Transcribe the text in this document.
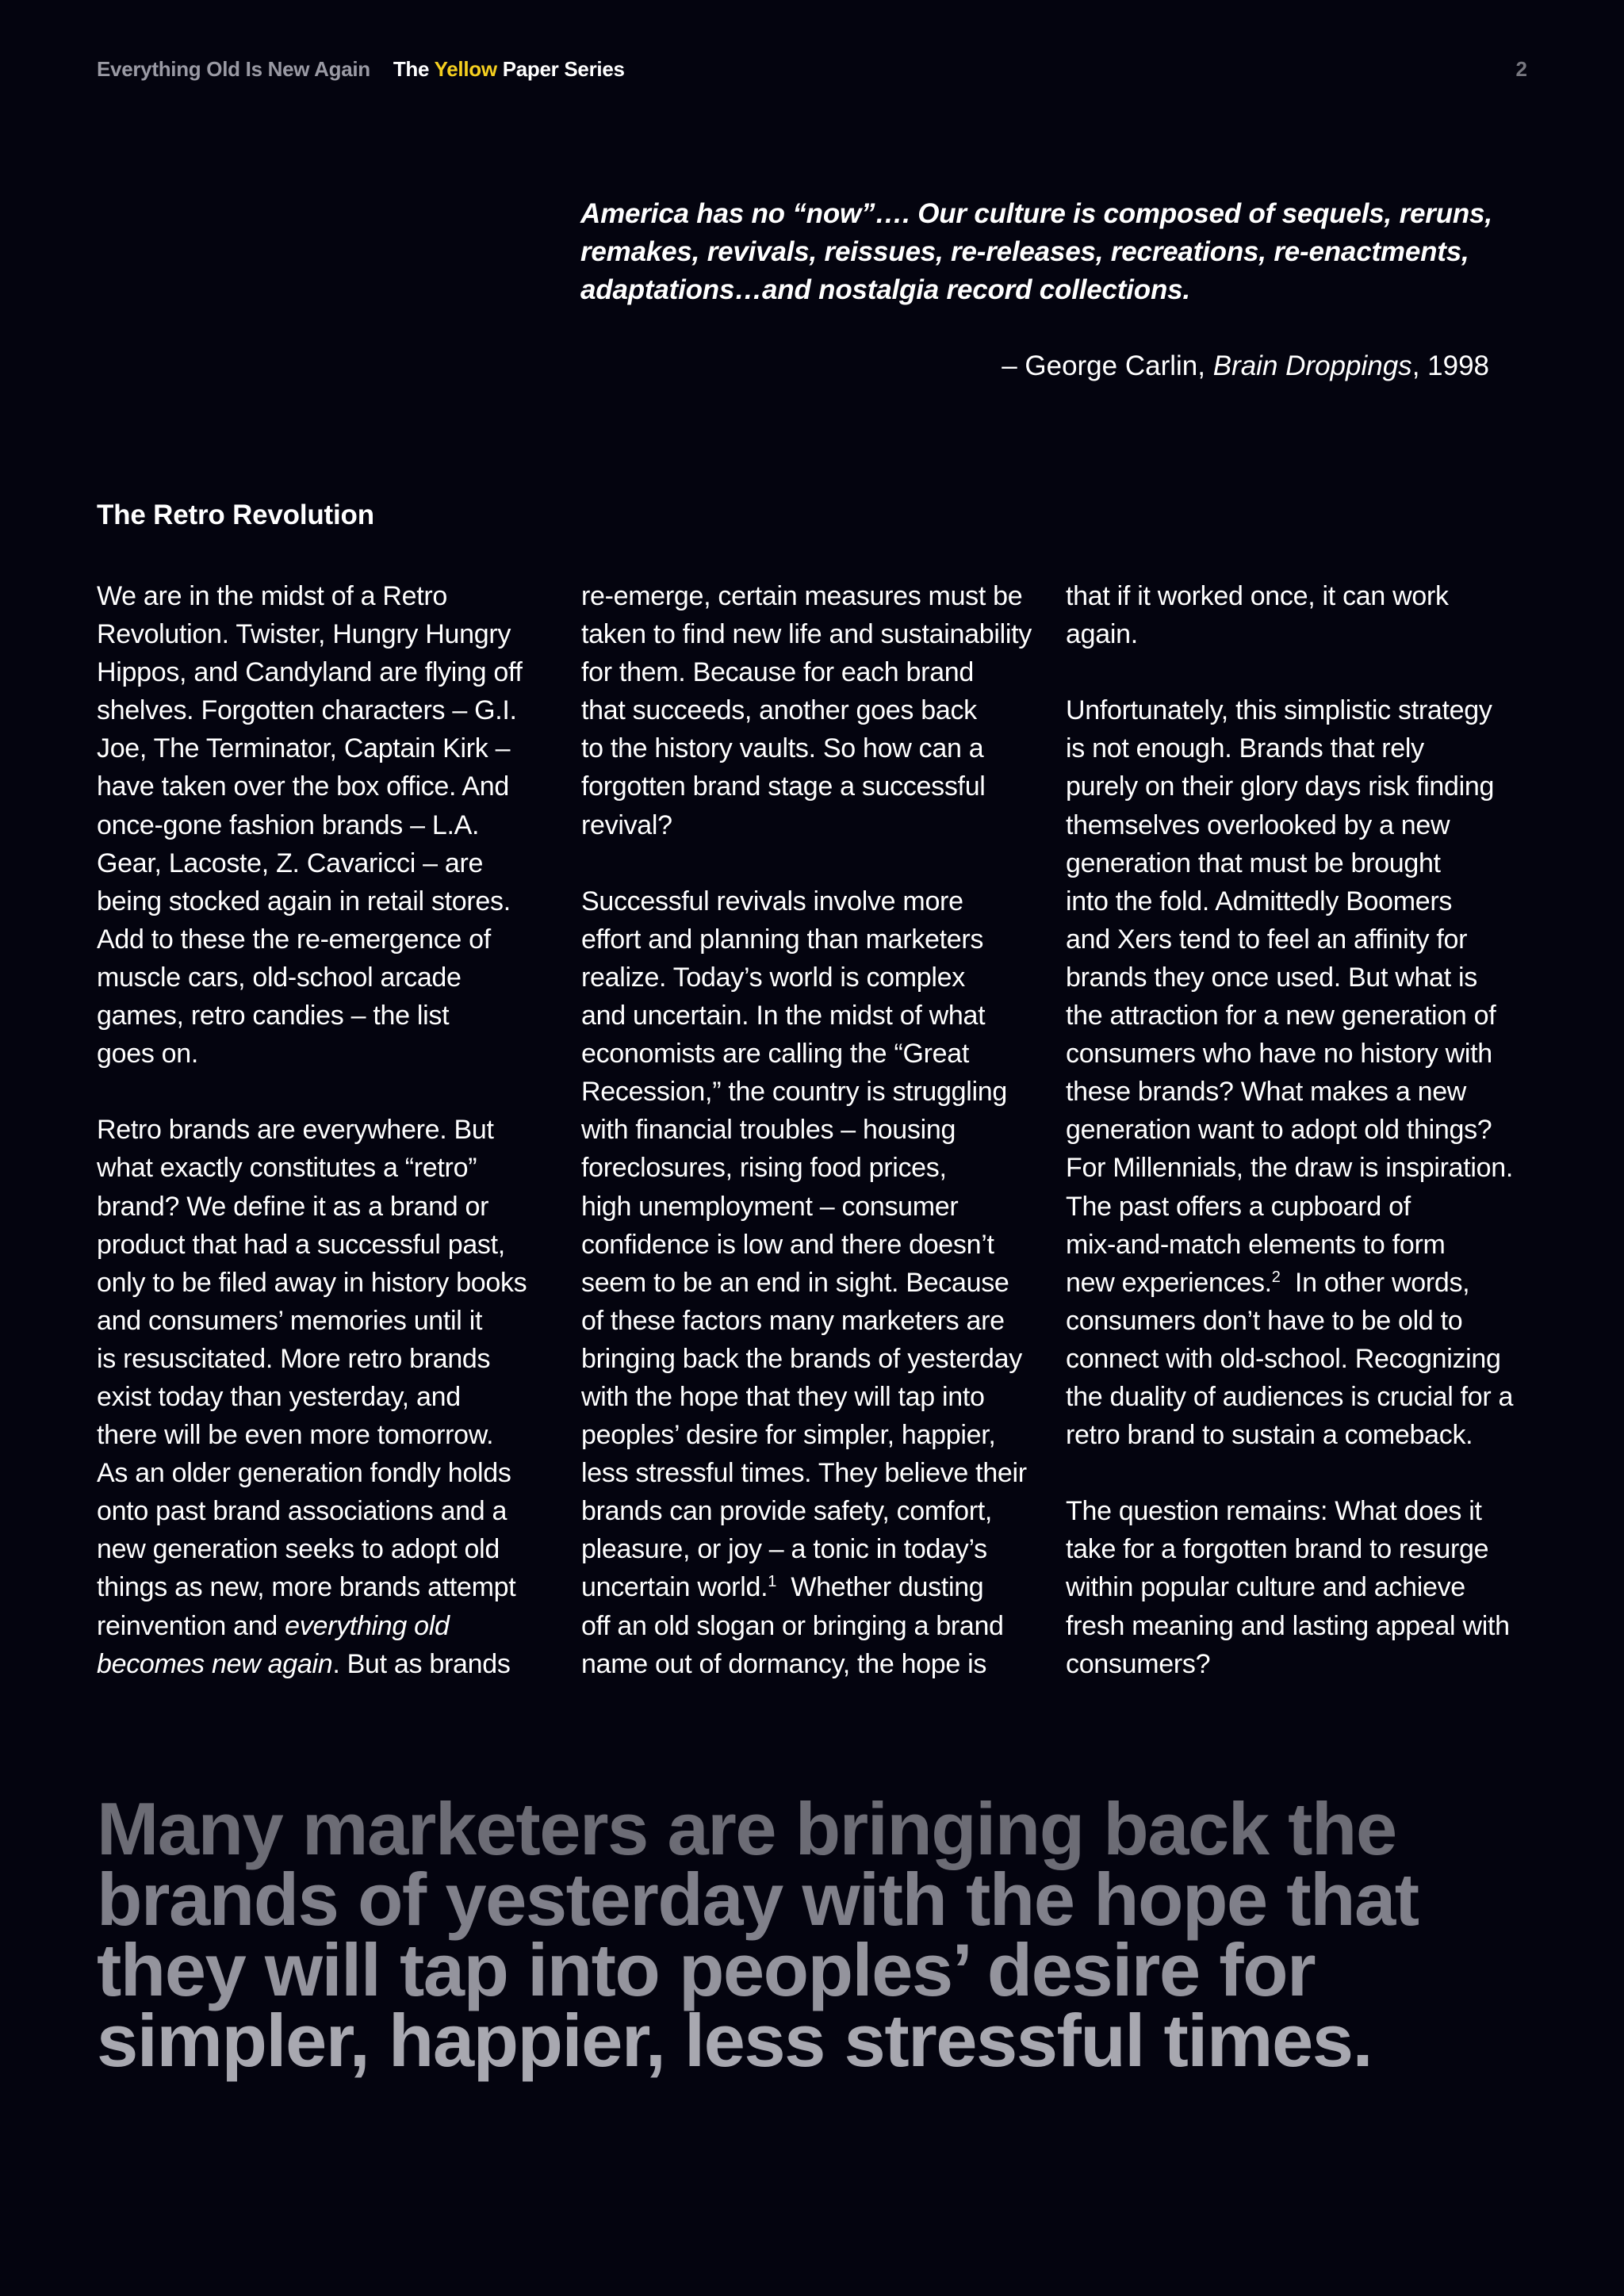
Everything Old Is New Again The Yellow Paper Series	2

America has no “now”…. Our culture is composed of sequels, reruns,
remakes, revivals, reissues, re-releases, recreations, re-enactments,
adaptations…and nostalgia record collections.

– George Carlin, Brain Droppings, 1998

The Retro Revolution

We are in the midst of a Retro
Revolution. Twister, Hungry Hungry
Hippos, and Candyland are flying off
shelves. Forgotten characters – G.I.
Joe, The Terminator, Captain Kirk –
have taken over the box office. And
once-gone fashion brands – L.A.
Gear, Lacoste, Z. Cavaricci – are
being stocked again in retail stores.
Add to these the re-emergence of
muscle cars, old-school arcade
games, retro candies – the list
goes on.

Retro brands are everywhere. But
what exactly constitutes a “retro”
brand? We define it as a brand or
product that had a successful past,
only to be filed away in history books
and consumers’ memories until it
is resuscitated. More retro brands
exist today than yesterday, and
there will be even more tomorrow.
As an older generation fondly holds
onto past brand associations and a
new generation seeks to adopt old
things as new, more brands attempt
reinvention and everything old
becomes new again. But as brands

re-emerge, certain measures must be
taken to find new life and sustainability
for them. Because for each brand
that succeeds, another goes back
to the history vaults. So how can a
forgotten brand stage a successful
revival?

Successful revivals involve more
effort and planning than marketers
realize. Today’s world is complex
and uncertain. In the midst of what
economists are calling the “Great
Recession,” the country is struggling
with financial troubles – housing
foreclosures, rising food prices,
high unemployment – consumer
confidence is low and there doesn’t
seem to be an end in sight. Because
of these factors many marketers are
bringing back the brands of yesterday
with the hope that they will tap into
peoples’ desire for simpler, happier,
less stressful times. They believe their
brands can provide safety, comfort,
pleasure, or joy – a tonic in today’s
uncertain world.$^1$  Whether dusting
off an old slogan or bringing a brand
name out of dormancy, the hope is

that if it worked once, it can work
again.

Unfortunately, this simplistic strategy
is not enough. Brands that rely
purely on their glory days risk finding
themselves overlooked by a new
generation that must be brought
into the fold. Admittedly Boomers
and Xers tend to feel an affinity for
brands they once used. But what is
the attraction for a new generation of
consumers who have no history with
these brands? What makes a new
generation want to adopt old things?
For Millennials, the draw is inspiration.
The past offers a cupboard of
mix-and-match elements to form
new experiences.$^2$  In other words,
consumers don’t have to be old to
connect with old-school. Recognizing
the duality of audiences is crucial for a
retro brand to sustain a comeback.

The question remains: What does it
take for a forgotten brand to resurge
within popular culture and achieve
fresh meaning and lasting appeal with
consumers?

Many marketers are bringing back the
brands of yesterday with the hope that
they will tap into peoples’ desire for
simpler, happier, less stressful times.
